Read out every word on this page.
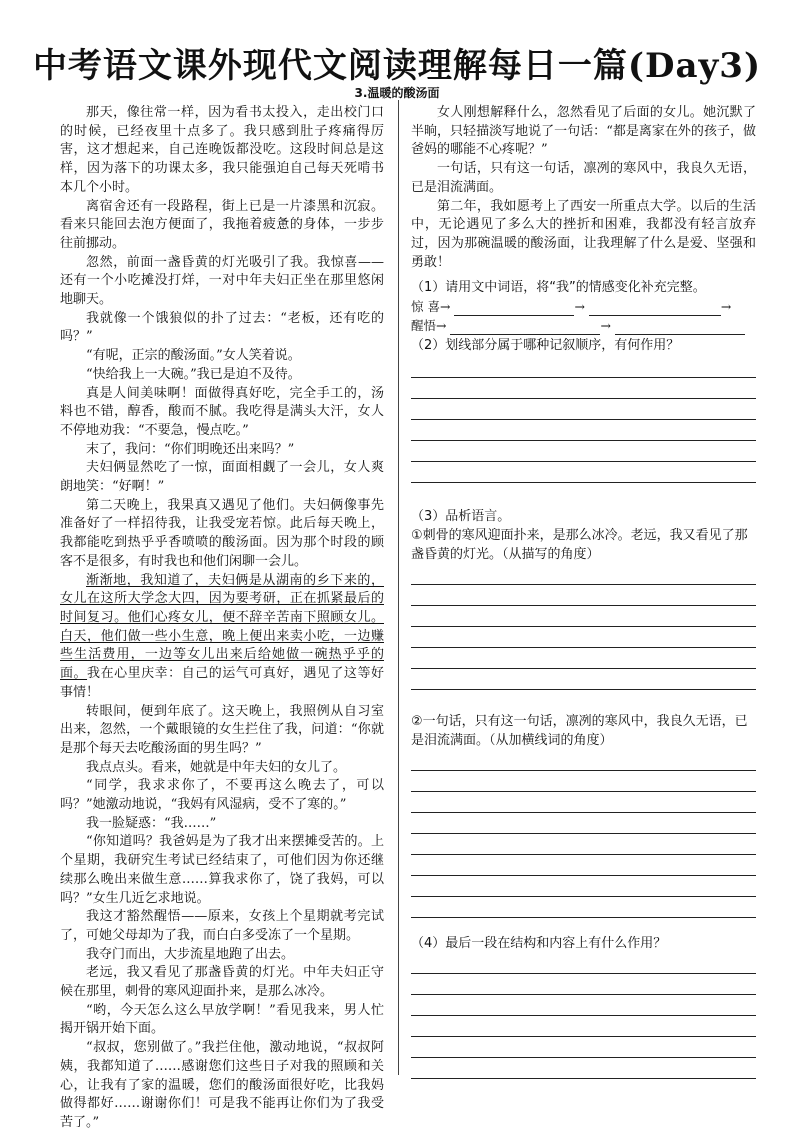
中考语文课外现代文阅读理解每日一篇(Day3)
3.温暖的酸汤面

那天，像往常一样，因为看书太投入，走出校门口的时候，已经夜里十点多了。我只感到肚子疼痛得厉害，这才想起来，自己连晚饭都没吃。这段时间总是这样，因为落下的功课太多，我只能强迫自己每天死啃书本几个小时。

离宿舍还有一段路程，街上已是一片漆黑和沉寂。看来只能回去泡方便面了，我拖着疲惫的身体，一步步往前挪动。

忽然，前面一盏昏黄的灯光吸引了我。我惊喜——还有一个小吃摊没打烊，一对中年夫妇正坐在那里悠闲地聊天。

我就像一个饿狼似的扑了过去：“老板，还有吃的吗？”

“有呢，正宗的酸汤面。”女人笑着说。

“快给我上一大碗。”我已是迫不及待。

真是人间美味啊！面做得真好吃，完全手工的，汤料也不错，醇香，酸而不腻。我吃得是满头大汗，女人不停地劝我：“不要急，慢点吃。”

末了，我问：“你们明晚还出来吗？”

夫妇俩显然吃了一惊，面面相觑了一会儿，女人爽朗地笑：“好啊！”

第二天晚上，我果真又遇见了他们。夫妇俩像事先准备好了一样招待我，让我受宠若惊。此后每天晚上，我都能吃到热乎乎香喷喷的酸汤面。因为那个时段的顾客不是很多，有时我也和他们闲聊一会儿。

渐渐地，我知道了，夫妇俩是从湖南的乡下来的，女儿在这所大学念大四，因为要考研，正在抓紧最后的时间复习。他们心疼女儿，便不辞辛苦南下照顾女儿。白天，他们做一些小生意，晚上便出来卖小吃，一边赚些生活费用，一边等女儿出来后给她做一碗热乎乎的面。我在心里庆幸：自己的运气可真好，遇见了这等好事情！

转眼间，便到年底了。这天晚上，我照例从自习室出来，忽然，一个戴眼镜的女生拦住了我，问道：“你就是那个每天去吃酸汤面的男生吗？”

我点点头。看来，她就是中年夫妇的女儿了。

“同学，我求求你了，不要再这么晚去了，可以吗？”她激动地说，“我妈有风湿病，受不了寒的。”

我一脸疑惑：“我……”

“你知道吗？我爸妈是为了我才出来摆摊受苦的。上个星期，我研究生考试已经结束了，可他们因为你还继续那么晚出来做生意……算我求你了，饶了我妈，可以吗？”女生几近乞求地说。

我这才豁然醒悟——原来，女孩上个星期就考完试了，可她父母却为了我，而白白多受冻了一个星期。

我夺门而出，大步流星地跑了出去。

老远，我又看见了那盏昏黄的灯光。中年夫妇正守候在那里，刺骨的寒风迎面扑来，是那么冰冷。

“哟，今天怎么这么早放学啊！”看见我来，男人忙揭开锅开始下面。

“叔叔，您别做了。”我拦住他，激动地说，“叔叔阿姨，我都知道了……感谢您们这些日子对我的照顾和关心，让我有了家的温暖，您们的酸汤面很好吃，比我妈做得都好……谢谢你们！可是我不能再让你们为了我受苦了。”

女人刚想解释什么，忽然看见了后面的女儿。她沉默了半晌，只轻描淡写地说了一句话：“都是离家在外的孩子，做爸妈的哪能不心疼呢？”

一句话，只有这一句话，凛冽的寒风中，我良久无语，已是泪流满面。

第二年，我如愿考上了西安一所重点大学。以后的生活中，无论遇见了多么大的挫折和困难，我都没有轻言放弃过，因为那碗温暖的酸汤面，让我理解了什么是爱、坚强和勇敢！

（1）请用文中词语，将“我”的情感变化补充完整。

惊 喜→	→	→
醒悟→	→

（2）划线部分属于哪种记叙顺序，有何作用？

（3）品析语言。

①刺骨的寒风迎面扑来，是那么冰冷。老远，我又看见了那盏昏黄的灯光。（从描写的角度）

②一句话，只有这一句话，凛冽的寒风中，我良久无语，已是泪流满面。（从加横线词的角度）

（4）最后一段在结构和内容上有什么作用？
